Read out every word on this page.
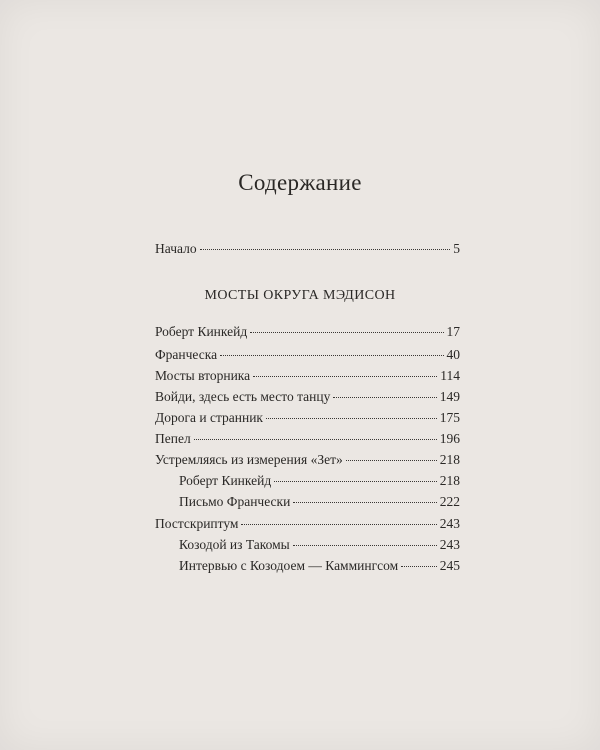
Содержание
Начало	5
МОСТЫ ОКРУГА МЭДИСОН
Роберт Кинкейд	17
Франческа	40
Мосты вторника	114
Войди, здесь есть место танцу	149
Дорога и странник	175
Пепел	196
Устремляясь из измерения «Зет»	218
Роберт Кинкейд	218
Письмо Франчески	222
Постскриптум	243
Козодой из Такомы	243
Интервью с Козодоем — Каммингсом	245
